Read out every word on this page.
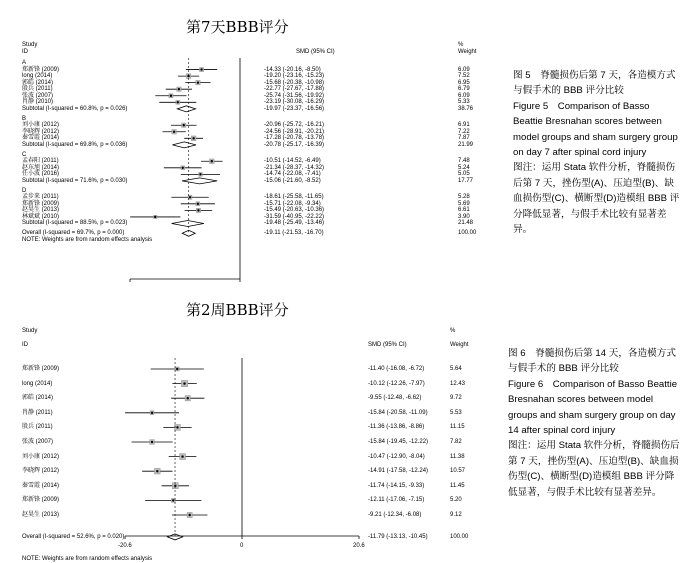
第7天BBB评分
Study
ID	SMD (95% CI)
%
Weight
A
郑新锋 (2009)	-14.33 (-20.16, -8.50)	6.09
long (2014)	-19.20 (-23.16, -15.23)	7.52
郭皓 (2014)	-15.68 (-20.38, -10.98)	6.95
殷兵 (2011)	-22.77 (-27.67, -17.88)	6.79
张波 (2007)	-25.74 (-31.56, -19.92)	6.09
肖静 (2010)	-23.19 (-30.08, -16.29)	5.33
Subtotal (I-squared = 60.8%, p = 0.026)	-19.97 (-23.37, -16.56)	38.76
B
刘小康 (2012)	-20.96 (-25.72, -16.21)	6.91
李晓辉 (2012)	-24.56 (-28.91, -20.21)	7.22
秦雪霞 (2014)	-17.28 (-20.78, -13.78)	7.87
Subtotal (I-squared = 69.8%, p = 0.036)	-20.78 (-25.17, -16.39)	21.99
C
孟春阳 (2011)	-10.51 (-14.52, -6.49)	7.48
赵东旭 (2014)	-21.34 (-28.37, -14.32)	5.24
任小波 (2016)	-14.74 (-22.08, -7.41)	5.05
Subtotal (I-squared = 71.6%, p = 0.030)	-15.06 (-21.60, -8.52)	17.77
D
孟步来 (2011)	-18.61 (-25.58, -11.65)	5.28
郑新锋 (2009)	-15.71 (-22.08, -9.34)	5.69
赵昊生 (2013)	-15.49 (-20.63, -10.36)	6.61
林斌斌 (2010)	-31.59 (-40.95, -22.22)	3.90
Subtotal (I-squared = 88.5%, p = 0.023)	-19.48 (-25.49, -13.46)	21.48
Overall (I-squared = 69.7%, p = 0.000)	-19.11 (-21.53, -16.70)	100.00
NOTE: Weights are from random effects analysis

图 5　脊髓损伤后第 7 天，各造模方式与假手术的 BBB 评分比较

Figure 5　Comparison of Basso Beattie Bresnahan scores between model groups and sham surgery group on day 7 after spinal cord injury

图注：运用 Stata 软件分析，脊髓损伤后第 7 天，挫伤型(A)、压迫型(B)、缺血损伤型(C)、横断型(D)造模组 BBB 评分降低显著，与假手术比较有显著差异。

第2周BBB评分
Study
ID	SMD (95% CI)
%
Weight
郑新锋 (2009)	-11.40 (-16.08, -6.72)	5.64
long (2014)	-10.12 (-12.26, -7.97)	12.43
郭皓 (2014)	-9.55 (-12.48, -6.62)	9.72
肖静 (2011)	-15.84 (-20.58, -11.09)	5.53
殷兵 (2011)	-11.36 (-13.86, -8.86)	11.15
张波 (2007)	-15.84 (-19.45, -12.22)	7.82
刘小康 (2012)	-10.47 (-12.90, -8.04)	11.38
李晓辉 (2012)	-14.91 (-17.58, -12.24)	10.57
秦雪霞 (2014)	-11.74 (-14.15, -9.33)	11.45
郑新锋 (2009)	-12.11 (-17.06, -7.15)	5.20
赵昊生 (2013)	-9.21 (-12.34, -6.08)	9.12
Overall (I-squared = 52.6%, p = 0.020)	-11.79 (-13.13, -10.45)	100.00
NOTE: Weights are from random effects analysis
-20.6	0	20.6

图 6　脊髓损伤后第 14 天，各造模方式与假手术的 BBB 评分比较

Figure 6　Comparison of Basso Beattie Bresnahan scores between model groups and sham surgery group on day 14 after spinal cord injury

图注：运用 Stata 软件分析，脊髓损伤后第 7 天，挫伤型(A)、压迫型(B)、缺血损伤型(C)、横断型(D)造模组 BBB 评分降低显著，与假手术比较有显著差异。
